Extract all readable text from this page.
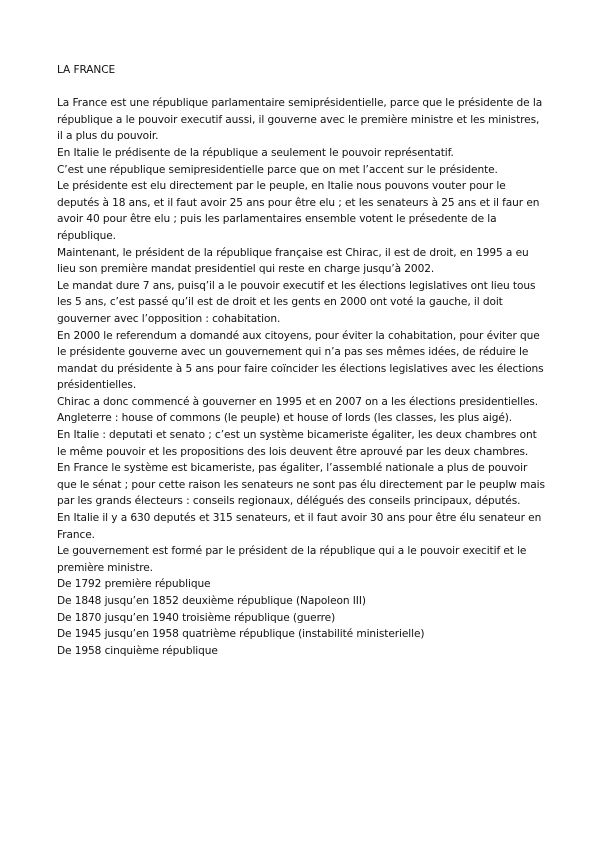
LA FRANCE

La France est une république parlamentaire semiprésidentielle, parce que le présidente de la république a le pouvoir executif aussi, il gouverne avec le première ministre et les ministres, il a plus du pouvoir.

En Italie le prédisente de la république a seulement le pouvoir représentatif.

C’est une république semipresidentielle parce que on met l’accent sur le présidente.

Le présidente est elu directement par le peuple, en Italie nous pouvons vouter pour le deputés à 18 ans, et il faut avoir 25 ans pour être elu ; et les senateurs à 25 ans et il faur en avoir 40 pour être elu ; puis les parlamentaires ensemble votent le présedente de la république.

Maintenant, le président de la république française est Chirac, il est de droit, en 1995 a eu lieu son première mandat presidentiel qui reste en charge jusqu’à 2002.

Le mandat dure 7 ans, puisq’il a le pouvoir executif et les élections legislatives ont lieu tous les 5 ans, c’est passé qu’il est de droit et les gents en 2000 ont voté la gauche, il doit gouverner avec l’opposition : cohabitation.

En 2000 le referendum a domandé aux citoyens, pour éviter la cohabitation, pour éviter que le présidente gouverne avec un gouvernement qui n’a pas ses mêmes idées, de réduire le mandat du présidente à 5 ans pour faire coïncider les élections legislatives avec les élections présidentielles.

Chirac a donc commencé à gouverner en 1995 et en 2007 on a les élections presidentielles.

Angleterre : house of commons (le peuple) et house of lords (les classes, les plus aigé).

En Italie : deputati et senato ; c’est un système bicameriste égaliter, les deux chambres ont le même pouvoir et les propositions des lois deuvent être aprouvé par les deux chambres.

En France le système est bicameriste, pas égaliter, l’assemblé nationale a plus de pouvoir que le sénat ; pour cette raison les senateurs ne sont pas élu directement par le peuplw mais par les grands électeurs : conseils regionaux, délégués des conseils principaux, députés.

En Italie il y a 630 deputés et 315 senateurs, et il faut avoir 30 ans pour être élu senateur en France.

Le gouvernement est formé par le président de la république qui a le pouvoir execitif et le première ministre.

De 1792 première république

De 1848 jusqu’en 1852 deuxième république (Napoleon III)

De 1870 jusqu’en 1940 troisième république (guerre)

De 1945 jusqu’en 1958 quatrième république (instabilité ministerielle)

De 1958 cinquième république
